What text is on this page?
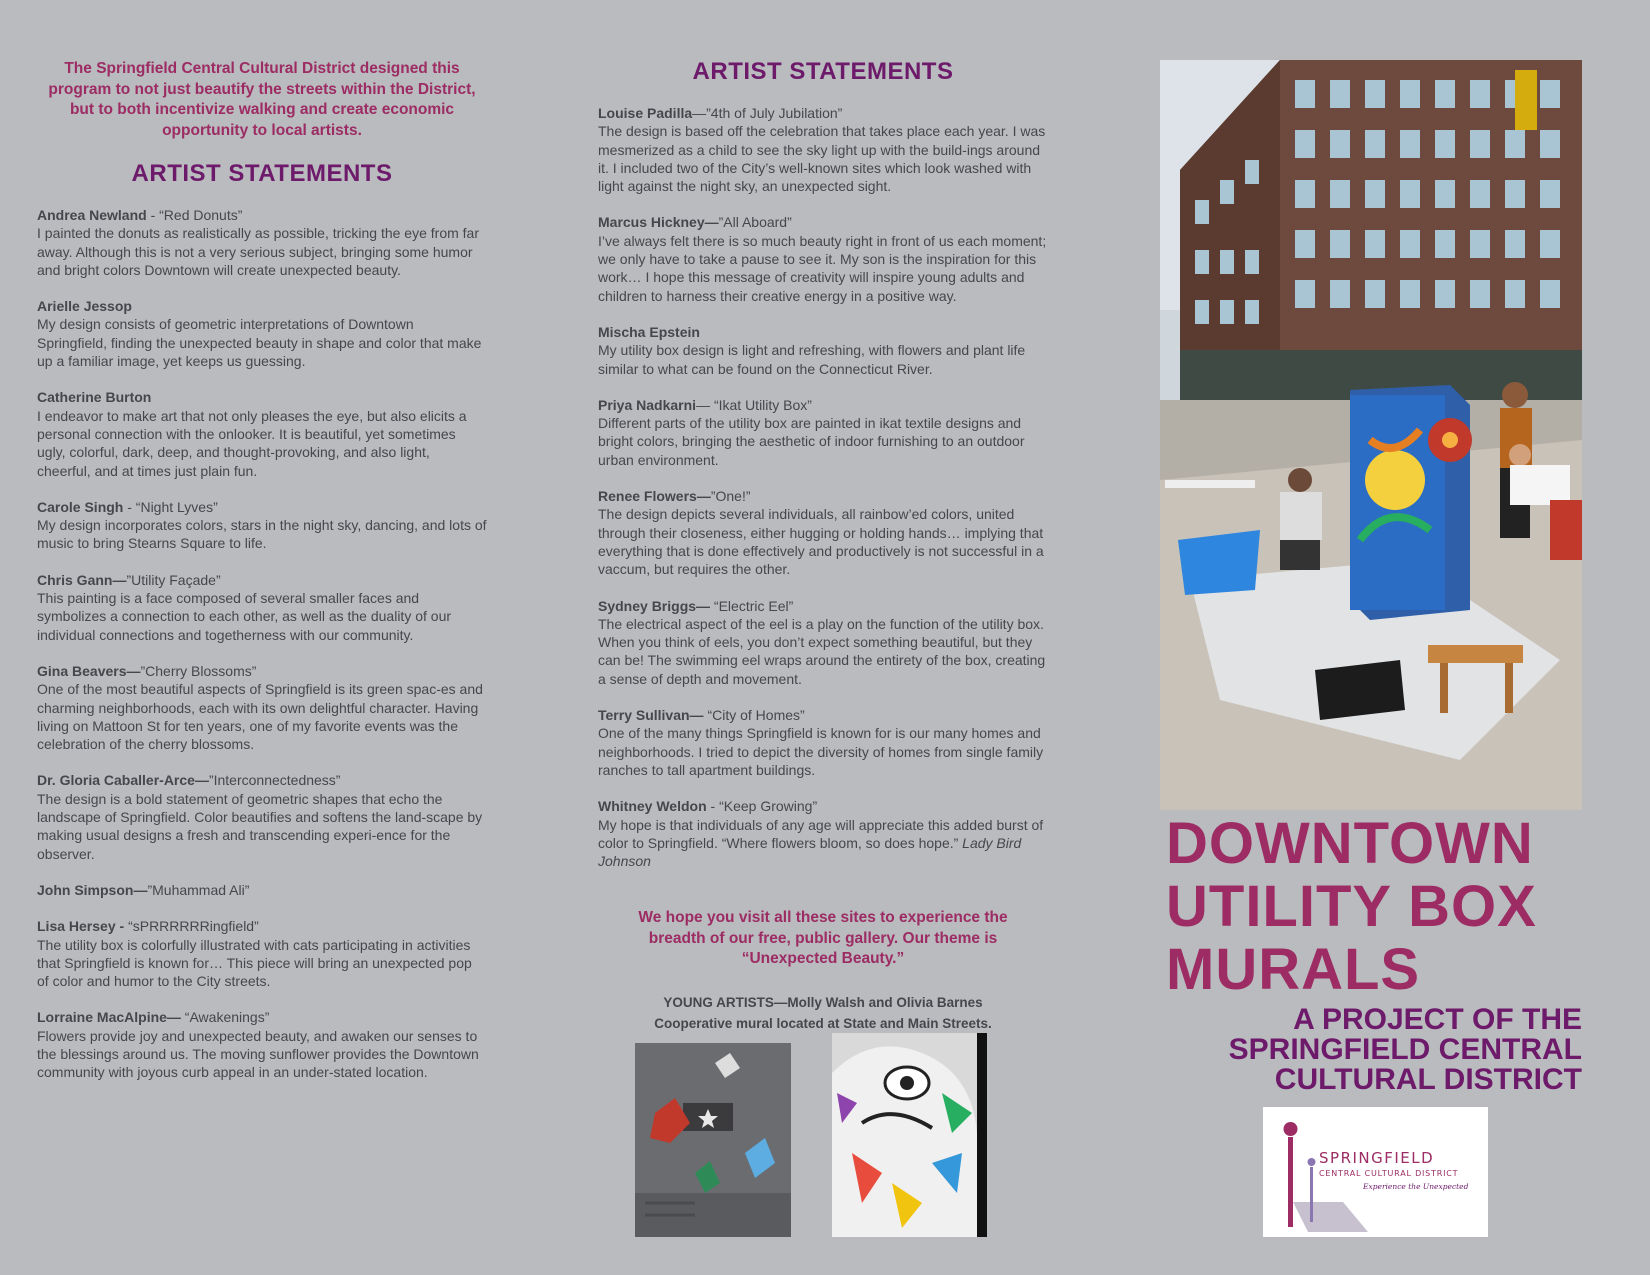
The Springfield Central Cultural District designed this program to not just beautify the streets within the District, but to both incentivize walking and create economic opportunity to local artists.

ARTIST STATEMENTS
Andrea Newland - “Red Donuts”
I painted the donuts as realistically as possible, tricking the eye from far away. Although this is not a very serious subject, bringing some humor and bright colors Downtown will create unexpected beauty.
Arielle Jessop
My design consists of geometric interpretations of Downtown Springfield, finding the unexpected beauty in shape and color that make up a familiar image, yet keeps us guessing.
Catherine Burton
I endeavor to make art that not only pleases the eye, but also elicits a personal connection with the onlooker. It is beautiful, yet sometimes ugly, colorful, dark, deep, and thought-provoking, and also light, cheerful, and at times just plain fun.
Carole Singh - “Night Lyves”
My design incorporates colors, stars in the night sky, dancing, and lots of music to bring Stearns Square to life.
Chris Gann—”Utility Façade”
This painting is a face composed of several smaller faces and symbolizes a connection to each other, as well as the duality of our individual connections and togetherness with our community.
Gina Beavers—”Cherry Blossoms”
One of the most beautiful aspects of Springfield is its green spac-es and charming neighborhoods, each with its own delightful character. Having living on Mattoon St for ten years, one of my favorite events was the celebration of the cherry blossoms.
Dr. Gloria Caballer-Arce—”Interconnectedness”
The design is a bold statement of geometric shapes that echo the landscape of Springfield. Color beautifies and softens the land-scape by making usual designs a fresh and transcending experi-ence for the observer.
John Simpson—”Muhammad Ali”
Lisa Hersey - “sPRRRRRRingfield”
The utility box is colorfully illustrated with cats participating in activities that Springfield is known for… This piece will bring an unexpected pop of color and humor to the City streets.
Lorraine MacAlpine— “Awakenings”
Flowers provide joy and unexpected beauty, and awaken our senses to the blessings around us. The moving sunflower provides the Downtown community with joyous curb appeal in an under-stated location.
ARTIST STATEMENTS
Louise Padilla—”4th of July Jubilation”
The design is based off the celebration that takes place each year. I was mesmerized as a child to see the sky light up with the build-ings around it. I included two of the City’s well-known sites which look washed with light against the night sky, an unexpected sight.
Marcus Hickney—”All Aboard”
I’ve always felt there is so much beauty right in front of us each moment; we only have to take a pause to see it. My son is the inspiration for this work… I hope this message of creativity will inspire young adults and children to harness their creative energy in a positive way.
Mischa Epstein
My utility box design is light and refreshing, with flowers and plant life similar to what can be found on the Connecticut River.
Priya Nadkarni— “Ikat Utility Box”
Different parts of the utility box are painted in ikat textile designs and bright colors, bringing the aesthetic of indoor furnishing to an outdoor urban environment.
Renee Flowers—”One!”
The design depicts several individuals, all rainbow’ed colors, united through their closeness, either hugging or holding hands… implying that everything that is done effectively and productively is not successful in a vaccum, but requires the other.
Sydney Briggs— “Electric Eel”
The electrical aspect of the eel is a play on the function of the utility box. When you think of eels, you don’t expect something beautiful, but they can be! The swimming eel wraps around the entirety of the box, creating a sense of depth and movement.
Terry Sullivan— “City of Homes”
One of the many things Springfield is known for is our many homes and neighborhoods. I tried to depict the diversity of homes from single family ranches to tall apartment buildings.
Whitney Weldon - “Keep Growing”
My hope is that individuals of any age will appreciate this added burst of color to Springfield. “Where flowers bloom, so does hope.” Lady Bird Johnson

We hope you visit all these sites to experience the breadth of our free, public gallery. Our theme is “Unexpected Beauty.”

YOUNG ARTISTS—Molly Walsh and Olivia Barnes
Cooperative mural located at State and Main Streets.
DOWNTOWN
UTILITY BOX
MURALS
A PROJECT OF THE
SPRINGFIELD CENTRAL
CULTURAL DISTRICT
SPRINGFIELD
CENTRAL CULTURAL DISTRICT
Experience the Unexpected
